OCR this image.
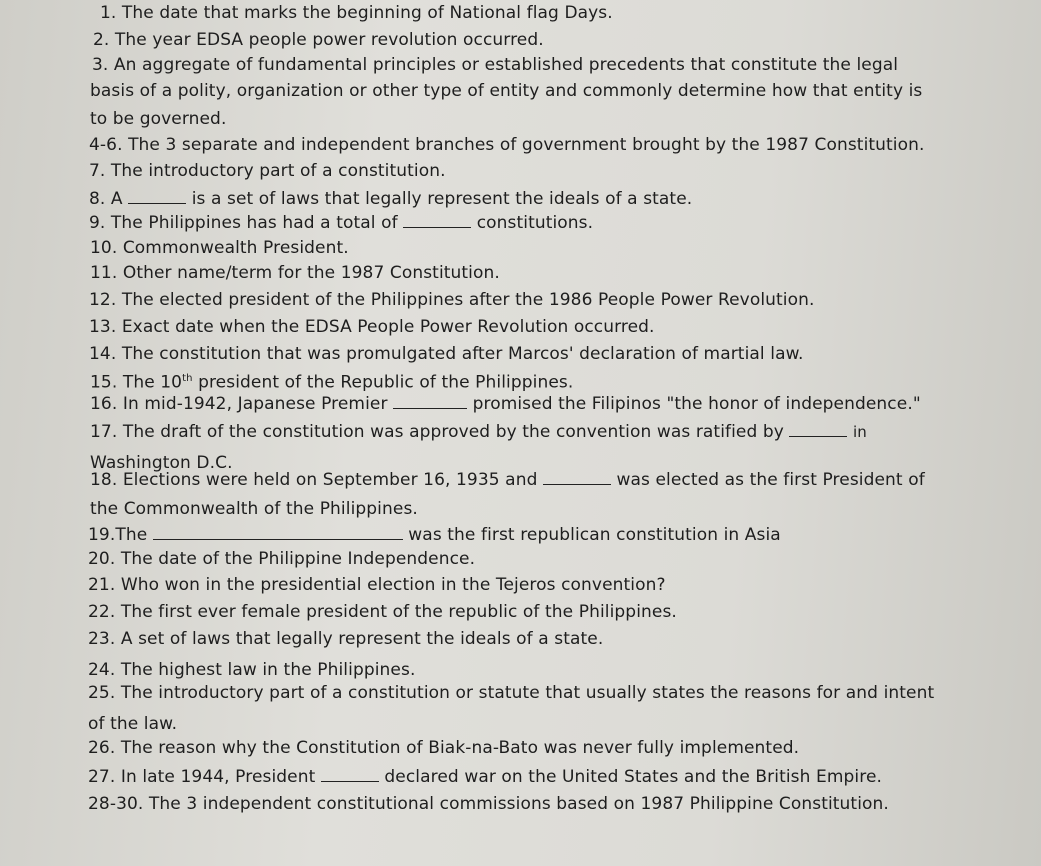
1. The date that marks the beginning of National flag Days.
2. The year EDSA people power revolution occurred.
3. An aggregate of fundamental principles or established precedents that constitute the legal
basis of a polity, organization or other type of entity and commonly determine how that entity is
to be governed.
4-6. The 3 separate and independent branches of government brought by the 1987 Constitution.
7. The introductory part of a constitution.
8. A	is a set of laws that legally represent the ideals of a state.
9. The Philippines has had a total of	constitutions.
10. Commonwealth President.
11. Other name/term for the 1987 Constitution.
12. The elected president of the Philippines after the 1986 People Power Revolution.
13. Exact date when the EDSA People Power Revolution occurred.
14. The constitution that was promulgated after Marcos' declaration of martial law.
15. The 10th president of the Republic of the Philippines.
16. In mid-1942, Japanese Premier	promised the Filipinos "the honor of independence."
17. The draft of the constitution was approved by the convention was ratified by	in
Washington D.C.
18. Elections were held on September 16, 1935 and	was elected as the first President of
the Commonwealth of the Philippines.
19.The	was the first republican constitution in Asia
20. The date of the Philippine Independence.
21. Who won in the presidential election in the Tejeros convention?
22. The first ever female president of the republic of the Philippines.
23. A set of laws that legally represent the ideals of a state.
24. The highest law in the Philippines.
25. The introductory part of a constitution or statute that usually states the reasons for and intent
of the law.
26. The reason why the Constitution of Biak-na-Bato was never fully implemented.
27. In late 1944, President	declared war on the United States and the British Empire.
28-30. The 3 independent constitutional commissions based on 1987 Philippine Constitution.
